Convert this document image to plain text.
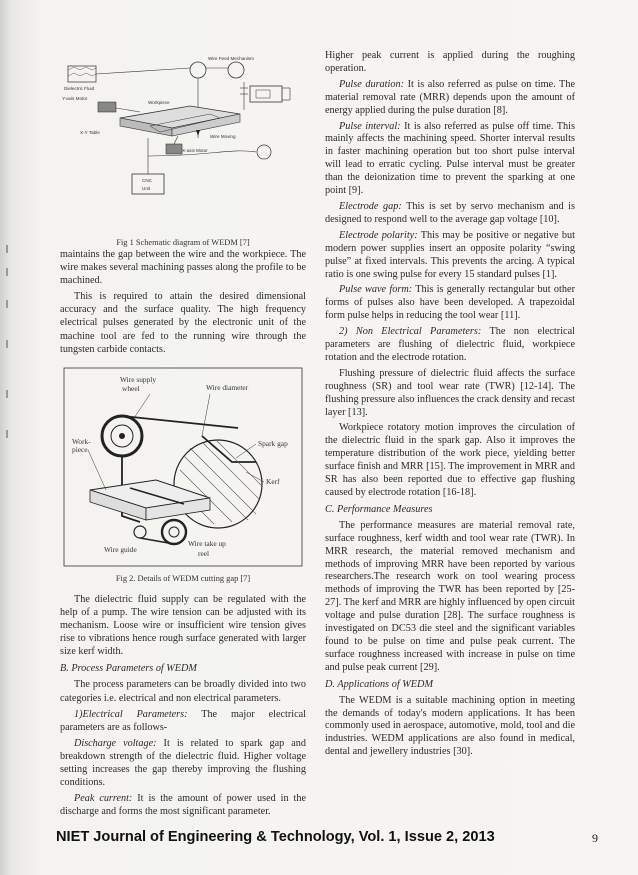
Dielectric Fluid
Wire Feed Mechanism
Y-axis Motor
Workpiece
X-Y Table
Wire Moving
X-axis Motor
CNC
Unit
Fig 1 Schematic diagram of WEDM [7]

maintains the gap between the wire and the workpiece. The wire makes several machining passes along the profile to be machined.

This is required to attain the desired dimensional accuracy and the surface quality. The high frequency electrical pulses generated by the electronic unit of the machine tool are fed to the running wire through the tungsten carbide contacts.

Wire supply
wheel	Wire diameter
Work-
piece
Spark gap
Kerf
Wire guide
Wire take up
reel
Fig 2. Details of WEDM cutting gap [7]

The dielectric fluid supply can be regulated with the help of a pump. The wire tension can be adjusted with its mechanism. Loose wire or insufficient wire tension gives rise to vibrations hence rough surface generated with larger size kerf width.

B. Process Parameters of WEDM

The process parameters can be broadly divided into two categories i.e. electrical and non electrical parameters.

1)Electrical Parameters: The major electrical parameters are as follows-

Discharge voltage: It is related to spark gap and breakdown strength of the dielectric fluid. Higher voltage setting increases the gap thereby improving the flushing conditions.

Peak current: It is the amount of power used in the discharge and forms the most significant parameter.

Higher peak current is applied during the roughing operation.

Pulse duration: It is also referred as pulse on time. The material removal rate (MRR) depends upon the amount of energy applied during the pulse duration [8].

Pulse interval: It is also referred as pulse off time. This mainly affects the machining speed. Shorter interval results in faster machining operation but too short pulse interval will lead to erratic cycling. Pulse interval must be greater than the deionization time to prevent the sparking at one point [9].

Electrode gap: This is set by servo mechanism and is designed to respond well to the average gap voltage [10].

Electrode polarity: This may be positive or negative but modern power supplies insert an opposite polarity “swing pulse” at fixed intervals. This prevents the arcing. A typical ratio is one swing pulse for every 15 standard pulses [1].

Pulse wave form: This is generally rectangular but other forms of pulses also have been developed. A trapezoidal form pulse helps in reducing the tool wear [11].

2) Non Electrical Parameters: The non electrical parameters are flushing of dielectric fluid, workpiece rotation and the electrode rotation.

Flushing pressure of dielectric fluid affects the surface roughness (SR) and tool wear rate (TWR) [12-14]. The flushing pressure also influences the crack density and recast layer [13].

Workpiece rotatory motion improves the circulation of the dielectric fluid in the spark gap. Also it improves the temperature distribution of the work piece, yielding better surface finish and MRR [15]. The improvement in MRR and SR has also been reported due to effective gap flushing caused by electrode rotation [16-18].

C. Performance Measures

The performance measures are material removal rate, surface roughness, kerf width and tool wear rate (TWR). In MRR research, the material removed mechanism and methods of improving MRR have been reported by various researchers.The research work on tool wearing process methods of improving the TWR has been reported by [25-27]. The kerf and MRR are highly influenced by open circuit voltage and pulse duration [28]. The surface roughness is investigated on DC53 die steel and the significant variables found to be pulse on time and pulse peak current. The surface roughness increased with increase in pulse on time and pulse peak current [29].

D. Applications of WEDM

The WEDM is a suitable machining option in meeting the demands of today's modern applications. It has been commonly used in aerospace, automotive, mold, tool and die industries. WEDM applications are also found in medical, dental and jewellery industries [30].

NIET Journal of Engineering & Technology, Vol. 1, Issue 2, 2013	9
